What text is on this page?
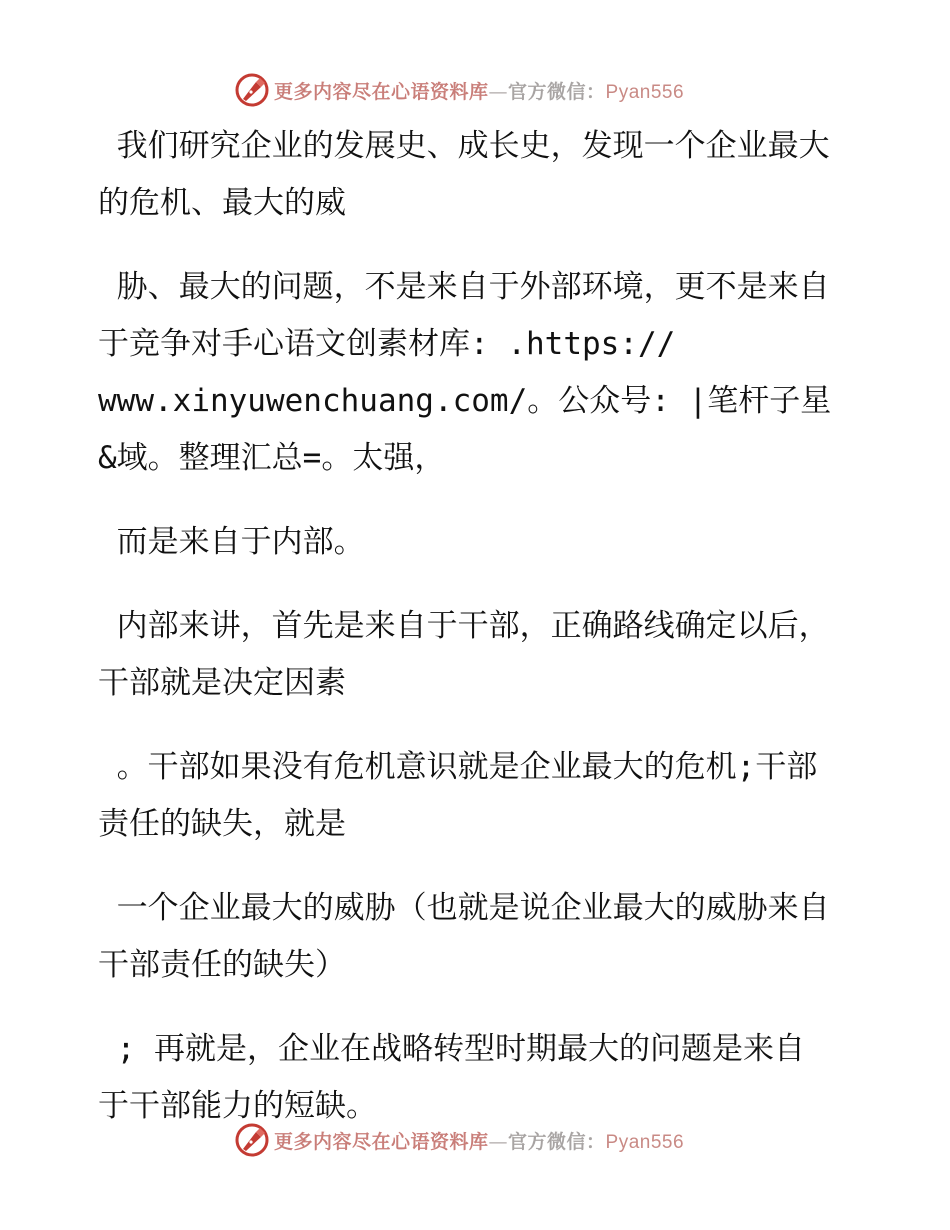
更多内容尽在心语资料库—官方微信：Pyan556

我们研究企业的发展史、成长史，发现一个企业最大的危机、最大的威

胁、最大的问题，不是来自于外部环境，更不是来自于竞争对手心语文创素材库: .https://
www.xinyuwenchuang.com/。公众号: |笔杆子星&域。整理汇总=。太强，

而是来自于内部。

内部来讲，首先是来自于干部，正确路线确定以后，干部就是决定因素

。干部如果没有危机意识就是企业最大的危机;干部责任的缺失，就是

一个企业最大的威胁（也就是说企业最大的威胁来自干部责任的缺失）

; 再就是，企业在战略转型时期最大的问题是来自于干部能力的短缺。

更多内容尽在心语资料库—官方微信：Pyan556
